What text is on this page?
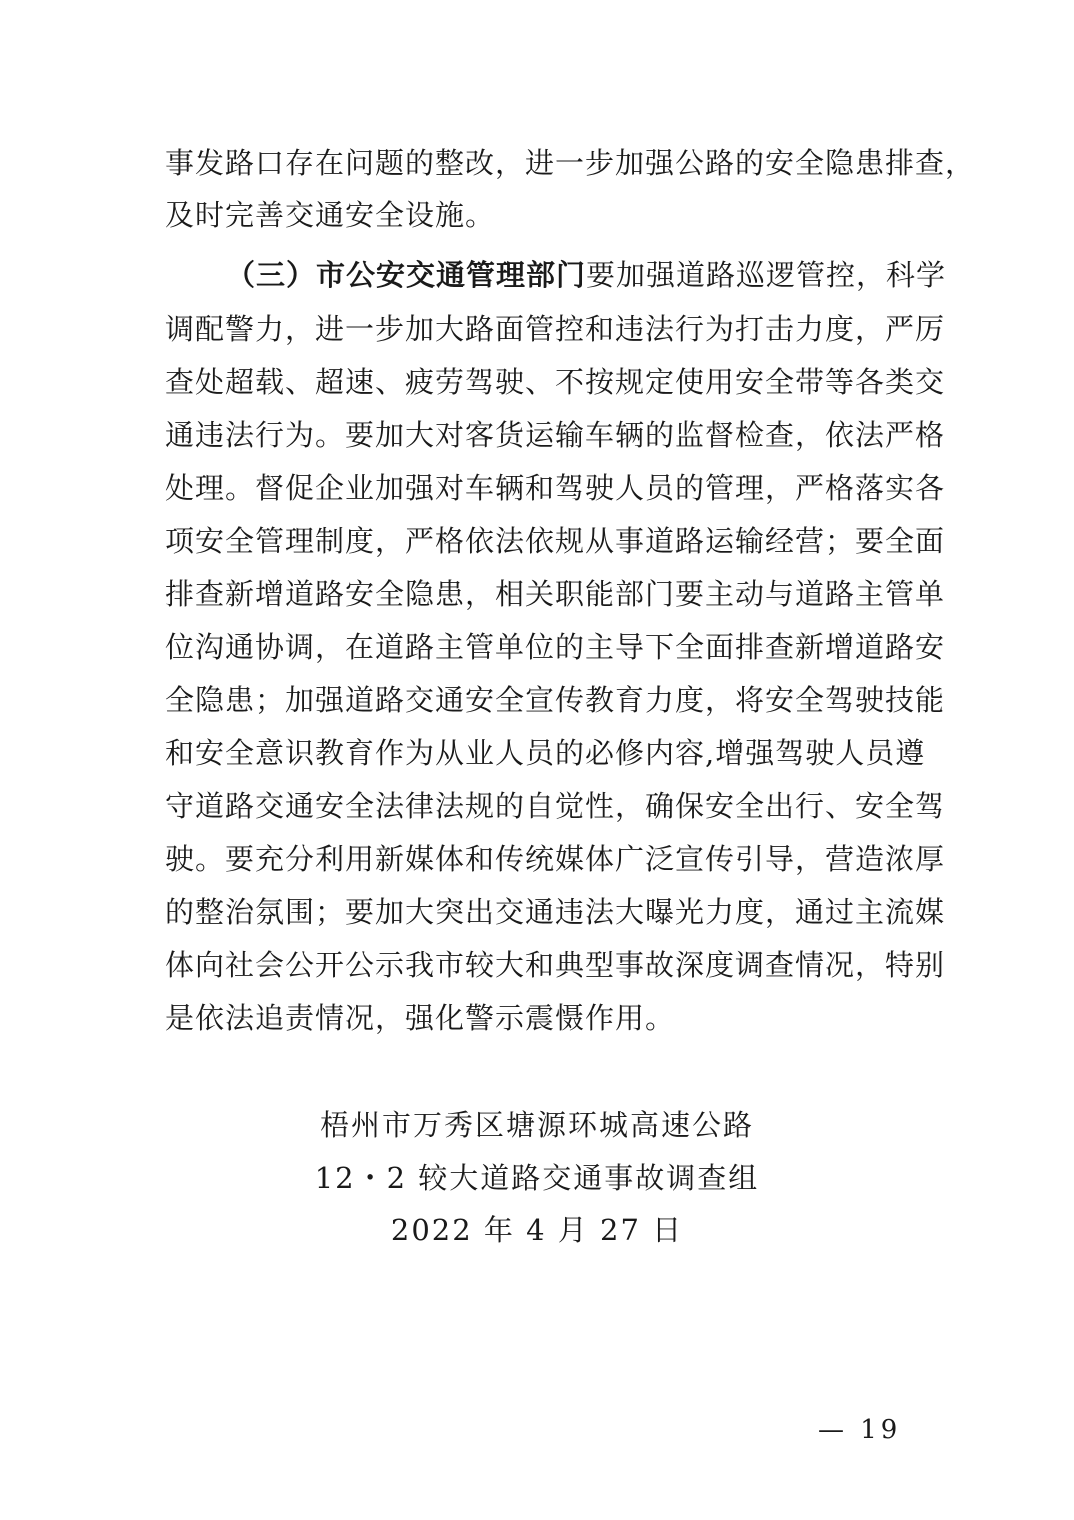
事发路口存在问题的整改，进一步加强公路的安全隐患排查，
及时完善交通安全设施。
（三）市公安交通管理部门要加强道路巡逻管控，科学
调配警力，进一步加大路面管控和违法行为打击力度，严厉
查处超载、超速、疲劳驾驶、不按规定使用安全带等各类交
通违法行为。要加大对客货运输车辆的监督检查，依法严格
处理。督促企业加强对车辆和驾驶人员的管理，严格落实各
项安全管理制度，严格依法依规从事道路运输经营；要全面
排查新增道路安全隐患，相关职能部门要主动与道路主管单
位沟通协调，在道路主管单位的主导下全面排查新增道路安
全隐患；加强道路交通安全宣传教育力度，将安全驾驶技能
和安全意识教育作为从业人员的必修内容,增强驾驶人员遵
守道路交通安全法律法规的自觉性，确保安全出行、安全驾
驶。要充分利用新媒体和传统媒体广泛宣传引导，营造浓厚
的整治氛围；要加大突出交通违法大曝光力度，通过主流媒
体向社会公开公示我市较大和典型事故深度调查情况，特别
是依法追责情况，强化警示震慑作用。
梧州市万秀区塘源环城高速公路
12・2 较大道路交通事故调查组
2022 年 4 月 27 日
— 19
